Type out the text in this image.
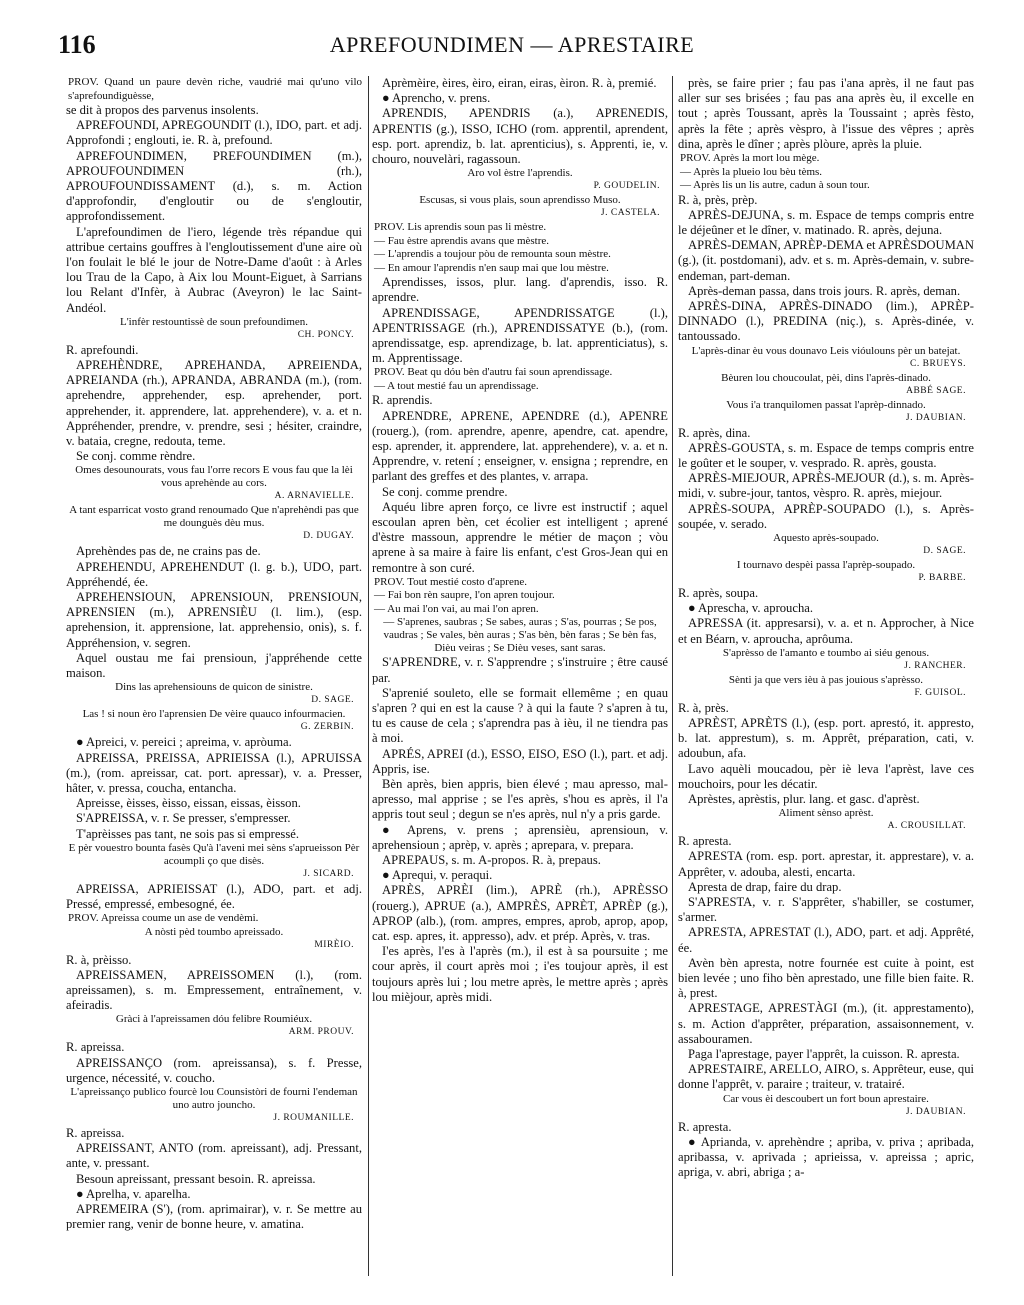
116	APREFOUNDIMEN — APRESTAIRE

PROV. Quand un paure devèn riche, vaudrié mai qu'uno vilo s'aprefoundiguèsse,

se dit à propos des parvenus insolents.

APREFOUNDI, APREGOUNDIT (l.), IDO, part. et adj. Approfondi ; englouti, ie. R. à, prefound.

APREFOUNDIMEN, PREFOUNDIMEN (m.), APROUFOUNDIMEN (rh.), APROUFOUNDISSAMENT (d.), s. m. Action d'approfondir, d'engloutir ou de s'engloutir, approfondissement.

L'aprefoundimen de l'iero, légende très répandue qui attribue certains gouffres à l'engloutissement d'une aire où l'on foulait le blé le jour de Notre-Dame d'août : à Arles lou Trau de la Capo, à Aix lou Mount-Eiguet, à Sarrians lou Relant d'Infèr, à Aubrac (Aveyron) le lac Saint-Andéol.

L'infèr restountissè de soun prefoundimen.

CH. PONCY.

R. aprefoundi.

APREHÈNDRE, APREHANDA, APREIENDA, APREIANDA (rh.), APRANDA, ABRANDA (m.), (rom. aprehendre, apprehender, esp. aprehender, port. apprehender, it. apprendere, lat. apprehendere), v. a. et n. Appréhender, prendre, v. prendre, sesi ; hésiter, craindre, v. bataia, cregne, redouta, teme.

Se conj. comme rèndre.

Omes desounourats, vous fau l'orre recors E vous fau que la lèi vous aprehènde au cors.

A. ARNAVIELLE.

A tant esparricat vosto grand renoumado Que n'aprehèndi pas que me dounguès dèu mus.

D. DUGAY.

Aprehèndes pas de, ne crains pas de.

APREHENDU, APREHENDUT (l. g. b.), UDO, part. Appréhendé, ée.

APREHENSIOUN, APRENSIOUN, PRENSIOUN, APRENSIEN (m.), APRENSIÈU (l. lim.), (esp. aprehension, it. apprensione, lat. apprehensio, onis), s. f. Appréhension, v. segren.

Aquel oustau me fai prensioun, j'appréhende cette maison.

Dins las aprehensiouns de quicon de sinistre.

D. SAGE.

Las ! si noun èro l'aprensien De vèire quauco infourmacien.

G. ZERBIN.

● Apreici, v. pereici ; apreima, v. apròuma.

APREISSA, PREISSA, APRIEISSA (l.), APRUISSA (m.), (rom. apreissar, cat. port. apressar), v. a. Presser, hâter, v. pressa, coucha, entancha.

Apreisse, èisses, èisso, eissan, eissas, èisson.

S'APREISSA, v. r. Se presser, s'empresser.

T'aprèisses pas tant, ne sois pas si empressé.

E pèr vouestro bounta fasès Qu'à l'aveni mei sèns s'aprueisson Pèr acoumpli ço que disès.

J. SICARD.

APREISSA, APRIEISSAT (l.), ADO, part. et adj. Pressé, empressé, embesogné, ée.

PROV. Apreissa coume un ase de vendèmi.

A nòsti pèd toumbo apreissado.

MIRÈIO.

R. à, prèisso.

APREISSAMEN, APREISSOMEN (l.), (rom. apreissamen), s. m. Empressement, entraînement, v. afeiradis.

Gràci à l'apreissamen dóu felibre Roumiéux.

ARM. PROUV.

R. apreissa.

APREISSANÇO (rom. apreissansa), s. f. Presse, urgence, nécessité, v. coucho.

L'apreissanço publico fourcè lou Counsistòri de fourni l'endeman uno autro jouncho.

J. ROUMANILLE.

R. apreissa.

APREISSANT, ANTO (rom. apreissant), adj. Pressant, ante, v. pressant.

Besoun apreissant, pressant besoin. R. apreissa.

● Aprelha, v. aparelha.

APREMEIRA (S'), (rom. aprimairar), v. r. Se mettre au premier rang, venir de bonne heure, v. amatina.

Aprèmèire, èires, èiro, eiran, eiras, èiron. R. à, premié.

● Aprencho, v. prens.

APRENDIS, APENDRIS (a.), APRENEDIS, APRENTIS (g.), ISSO, ICHO (rom. apprentil, aprendent, esp. port. aprendiz, b. lat. aprenticius), s. Apprenti, ie, v. chouro, nouvelàri, ragassoun.

Aro vol èstre l'aprendis.

P. GOUDELIN.

Escusas, si vous plais, soun aprendisso Muso.

J. CASTELA.

PROV. Lis aprendis soun pas li mèstre.

— Fau èstre aprendis avans que mèstre.

— L'aprendis a toujour pòu de remounta soun mèstre.

— En amour l'aprendis n'en saup mai que lou mèstre.

Aprendisses, issos, plur. lang. d'aprendis, isso. R. aprendre.

APRENDISSAGE, APENDRISSATGE (l.), APENTRISSAGE (rh.), APRENDISSATYE (b.), (rom. aprendissatge, esp. aprendizage, b. lat. apprenticiatus), s. m. Apprentissage.

PROV. Beat qu dóu bèn d'autru fai soun aprendissage.

— A tout mestié fau un aprendissage.

R. aprendis.

APRENDRE, APRENE, APENDRE (d.), APENRE (rouerg.), (rom. aprendre, apenre, apendre, cat. apendre, esp. aprender, it. apprendere, lat. apprehendere), v. a. et n. Apprendre, v. retení ; enseigner, v. ensigna ; reprendre, en parlant des greffes et des plantes, v. arrapa.

Se conj. comme prendre.

Aquéu libre apren forço, ce livre est instructif ; aquel escoulan apren bèn, cet écolier est intelligent ; aprené d'èstre massoun, apprendre le métier de maçon ; vòu aprene à sa maire à faire lis enfant, c'est Gros-Jean qui en remontre à son curé.

PROV. Tout mestié costo d'aprene.

— Fai bon rèn saupre, l'on apren toujour.

— Au mai l'on vai, au mai l'on apren.

— S'aprenes, saubras ; Se sabes, auras ; S'as, pourras ; Se pos, vaudras ; Se vales, bèn auras ; S'as bèn, bèn faras ; Se bèn fas, Dièu veiras ; Se Dièu veses, sant saras.

S'APRENDRE, v. r. S'apprendre ; s'instruire ; être causé par.

S'aprenié souleto, elle se formait ellemême ; en quau s'apren ? qui en est la cause ? à qui la faute ? s'apren à tu, tu es cause de cela ; s'aprendra pas à ièu, il ne tiendra pas à moi.

APRÉS, APREI (d.), ESSO, EISO, ESO (l.), part. et adj. Appris, ise.

Bèn après, bien appris, bien élevé ; mau apresso, mal-apresso, mal apprise ; se l'es après, s'hou es après, il l'a appris tout seul ; degun se n'es après, nul n'y a pris garde.

● Aprens, v. prens ; aprensièu, aprensioun, v. aprehensioun ; aprèp, v. après ; aprepara, v. prepara.

APREPAUS, s. m. A-propos. R. à, prepaus.

● Aprequi, v. peraqui.

APRÈS, APRÈI (lim.), APRÈ (rh.), APRÈSSO (rouerg.), APRUE (a.), AMPRÈS, APRÈT, APRÈP (g.), APROP (alb.), (rom. ampres, empres, aprob, aprop, apop, cat. esp. apres, it. appresso), adv. et prép. Après, v. tras.

I'es après, l'es à l'après (m.), il est à sa poursuite ; me cour après, il court après moi ; i'es toujour après, il est toujours après lui ; lou metre après, le mettre après ; après lou mièjour, après midi.

près, se faire prier ; fau pas i'ana après, il ne faut pas aller sur ses brisées ; fau pas ana après èu, il excelle en tout ; après Toussant, après la Toussaint ; après fèsto, après la fête ; après vèspro, à l'issue des vêpres ; après dina, après le dîner ; après plòure, après la pluie.

PROV. Après la mort lou mège.

— Après la plueio lou bèu tèms.

— Après lis un lis autre, cadun à soun tour.

R. à, près, prèp.

APRÈS-DEJUNA, s. m. Espace de temps compris entre le déjeûner et le dîner, v. matinado. R. après, dejuna.

APRÈS-DEMAN, APRÈP-DEMA et APRÈSDOUMAN (g.), (it. postdomani), adv. et s. m. Après-demain, v. subre-endeman, part-deman.

Après-deman passa, dans trois jours. R. après, deman.

APRÈS-DINA, APRÈS-DINADO (lim.), APRÈP-DINNADO (l.), PREDINA (niç.), s. Après-dinée, v. tantoussado.

L'après-dinar èu vous dounavo Leis vióulouns pèr un batejat.

C. BRUEYS.

Bèuren lou choucoulat, pèi, dins l'après-dinado.

ABBÉ SAGE.

Vous i'a tranquilomen passat l'aprèp-dinnado.

J. DAUBIAN.

R. après, dina.

APRÈS-GOUSTA, s. m. Espace de temps compris entre le goûter et le souper, v. vesprado. R. après, gousta.

APRÈS-MIEJOUR, APRÈS-MEJOUR (d.), s. m. Après-midi, v. subre-jour, tantos, vèspro. R. après, miejour.

APRÈS-SOUPA, APRÈP-SOUPADO (l.), s. Après-soupée, v. serado.

Aquesto après-soupado.

D. SAGE.

I tournavo despèi passa l'aprèp-soupado.

P. BARBE.

R. après, soupa.

● Aprescha, v. aproucha.

APRESSA (it. appresarsi), v. a. et n. Approcher, à Nice et en Béarn, v. aproucha, aprôuma.

S'aprèsso de l'amanto e toumbo ai siéu genous.

J. RANCHER.

Sènti ja que vers ièu à pas jouious s'aprèsso.

F. GUISOL.

R. à, près.

APRÈST, APRÈTS (l.), (esp. port. aprestó, it. appresto, b. lat. apprestum), s. m. Apprêt, préparation, cati, v. adoubun, afa.

Lavo aquèli moucadou, pèr iè leva l'aprèst, lave ces mouchoirs, pour les décatir.

Aprèstes, aprèstis, plur. lang. et gasc. d'aprèst.

Aliment sènso aprèst.

A. CROUSILLAT.

R. apresta.

APRESTA (rom. esp. port. aprestar, it. apprestare), v. a. Apprêter, v. adouba, alesti, encarta.

Apresta de drap, faire du drap.

S'APRESTA, v. r. S'apprêter, s'habiller, se costumer, s'armer.

APRESTA, APRESTAT (l.), ADO, part. et adj. Apprêté, ée.

Avèn bèn apresta, notre fournée est cuite à point, est bien levée ; uno fiho bèn aprestado, une fille bien faite. R. à, prest.

APRESTAGE, APRESTÀGI (m.), (it. apprestamento), s. m. Action d'apprêter, préparation, assaisonnement, v. assabouramen.

Paga l'aprestage, payer l'apprêt, la cuisson. R. apresta.

APRESTAIRE, ARELLO, AIRO, s. Apprêteur, euse, qui donne l'apprêt, v. paraire ; traiteur, v. tratairé.

Car vous èi descoubert un fort boun aprestaire.

J. DAUBIAN.

R. apresta.

● Aprianda, v. aprehèndre ; apriba, v. priva ; apribada, apribassa, v. aprivada ; aprieissa, v. apreissa ; apric, apriga, v. abri, abriga ; a-
